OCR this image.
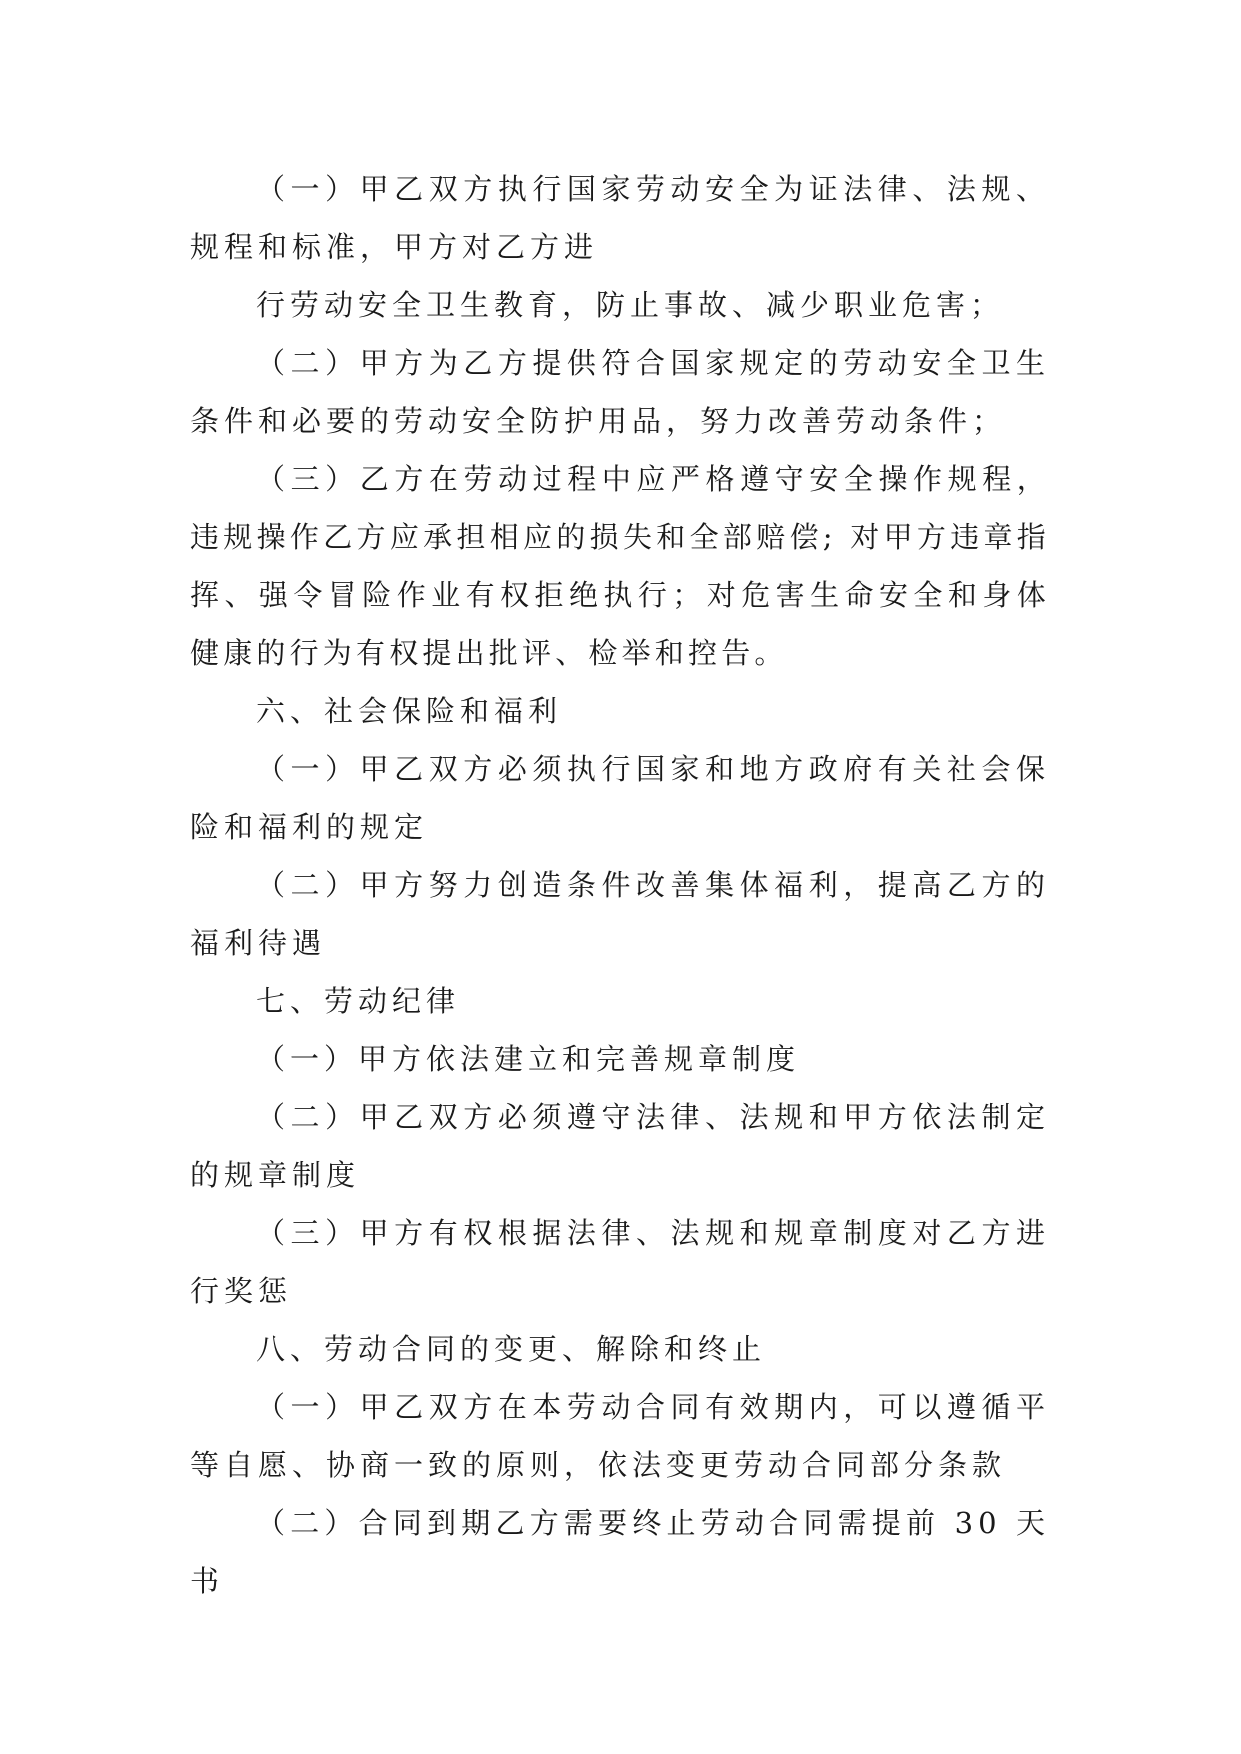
（一）甲乙双方执行国家劳动安全为证法律、法规、规程和标准，甲方对乙方进

行劳动安全卫生教育，防止事故、减少职业危害；

（二）甲方为乙方提供符合国家规定的劳动安全卫生条件和必要的劳动安全防护用品，努力改善劳动条件；

（三）乙方在劳动过程中应严格遵守安全操作规程，违规操作乙方应承担相应的损失和全部赔偿; 对甲方违章指挥、强令冒险作业有权拒绝执行；对危害生命安全和身体健康的行为有权提出批评、检举和控告。

六、社会保险和福利

（一）甲乙双方必须执行国家和地方政府有关社会保险和福利的规定

（二）甲方努力创造条件改善集体福利，提高乙方的福利待遇

七、劳动纪律

（一）甲方依法建立和完善规章制度

（二）甲乙双方必须遵守法律、法规和甲方依法制定的规章制度

（三）甲方有权根据法律、法规和规章制度对乙方进行奖惩

八、劳动合同的变更、解除和终止

（一）甲乙双方在本劳动合同有效期内，可以遵循平等自愿、协商一致的原则，依法变更劳动合同部分条款

（二）合同到期乙方需要终止劳动合同需提前 30 天书
